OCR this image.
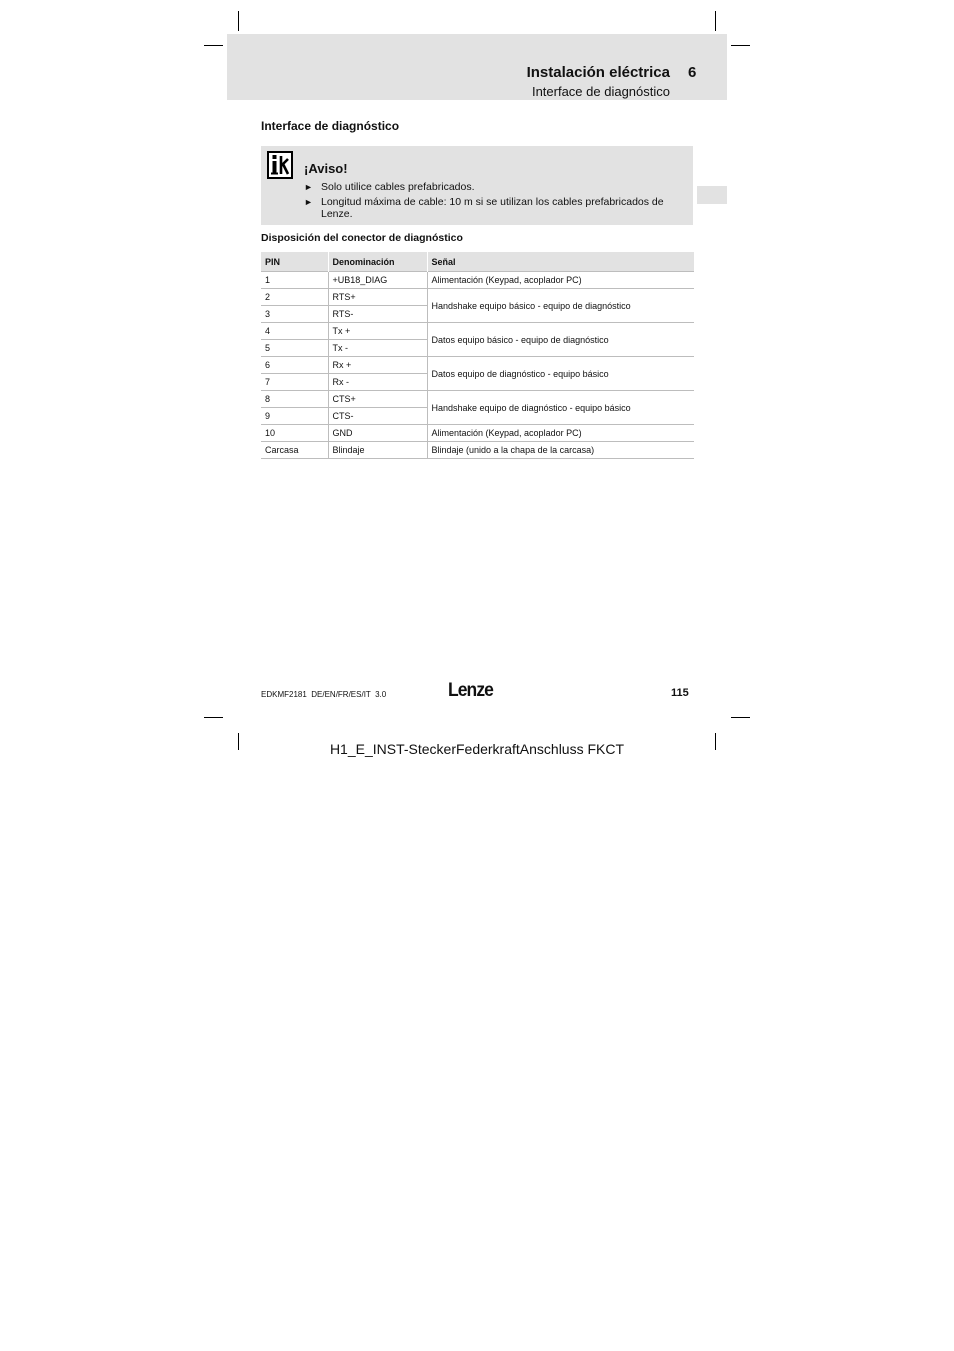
Instalación eléctrica 6
Interface de diagnóstico
Interface de diagnóstico
¡Aviso!
► Solo utilice cables prefabricados.
► Longitud máxima de cable: 10 m si se utilizan los cables prefabricados de Lenze.
Disposición del conector de diagnóstico
PIN	Denominación	Señal
1	+UB18_DIAG	Alimentación (Keypad, acoplador PC)
2	RTS+	Handshake equipo básico - equipo de diagnóstico
3	RTS-	
4	Tx +	Datos equipo básico - equipo de diagnóstico
5	Tx -	
6	Rx +	Datos equipo de diagnóstico - equipo básico
7	Rx -	
8	CTS+	Handshake equipo de diagnóstico - equipo básico
9	CTS-	
10	GND	Alimentación (Keypad, acoplador PC)
Carcasa	Blindaje	Blindaje (unido a la chapa de la carcasa)
EDKMF2181  DE/EN/FR/ES/IT  3.0	Lenze	115
H1_E_INST-SteckerFederkraftAnschluss FKCT
